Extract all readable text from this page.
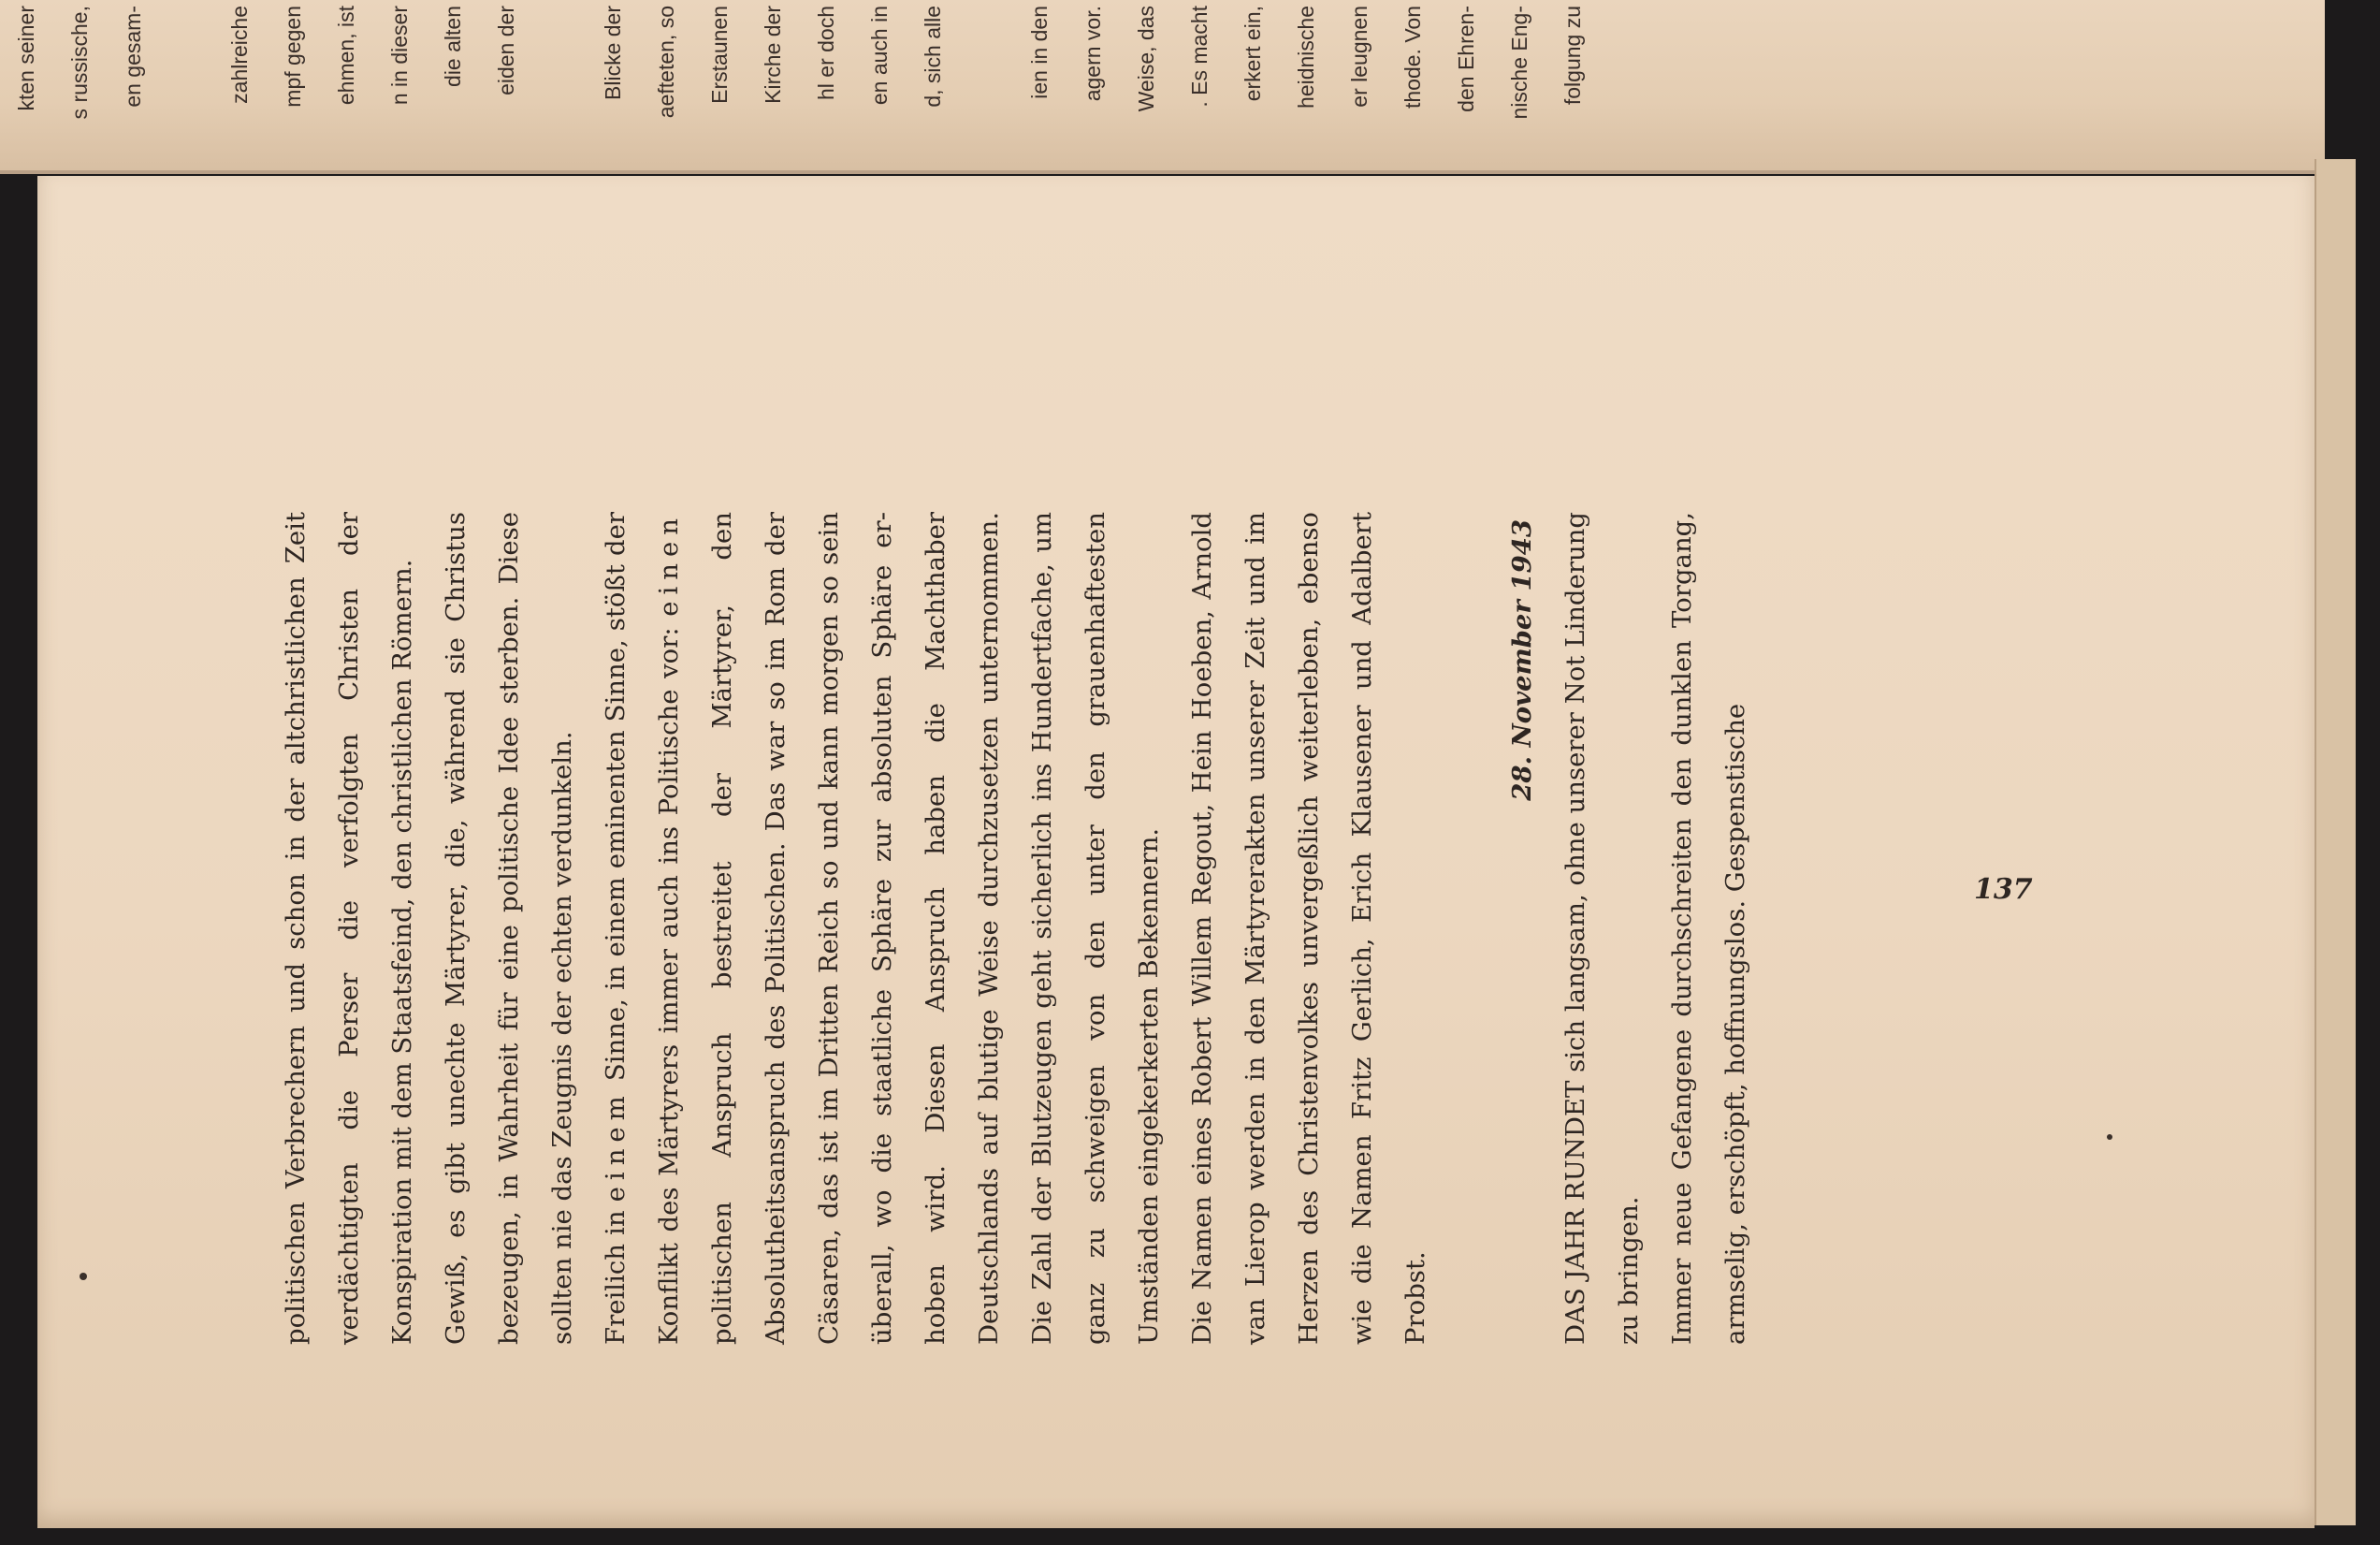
kten seiner	s russische,	en gesam-	zahlreiche	mpf gegen	ehmen, ist	n in dieser	die alten	eiden der	Blicke der	aefteten, so	Erstaunen	Kirche der	hl er doch	en auch in	d, sich alle	ien in den	agern vor.	Weise, das	. Es macht	erkert ein,	heidnische	er leugnen	thode. Von	den Ehren-	nische Eng-	folgung zu

politischen Verbrechern und schon in der altchristlichen Zeit verdächtigten die Perser die verfolgten Christen der Konspiration mit dem Staatsfeind, den christlichen Römern. Gewiß, es gibt unechte Märtyrer, die, während sie Christus bezeugen, in Wahrheit für eine politische Idee sterben. Diese sollten nie das Zeugnis der echten verdunkeln. Freilich in einem Sinne, in einem eminenten Sinne, stößt der Konflikt des Märtyrers immer auch ins Politische vor: einen politischen Anspruch bestreitet der Märtyrer, den Absolutheitsanspruch des Politischen. Das war so im Rom der Cäsaren, das ist im Dritten Reich so und kann morgen so sein überall, wo die staatliche Sphäre zur absoluten Sphäre erhoben wird. Diesen Anspruch haben die Machthaber Deutschlands auf blutige Weise durchzusetzen unternommen. Die Zahl der Blutzeugen geht sicherlich ins Hundertfache, um ganz zu schweigen von den unter den grauenhaftesten Umständen eingekerkerten Bekennern. Die Namen eines Robert Willem Regout, Hein Hoeben, Arnold van Lierop werden in den Märtyrerakten unserer Zeit und im Herzen des Christenvolkes unvergeßlich weiterleben, ebenso wie die Namen Fritz Gerlich, Erich Klausener und Adalbert Probst.

28. November 1943 DAS JAHR RUNDET sich langsam, ohne unserer Not Linderung zu bringen. Immer neue Gefangene durchschreiten den dunklen Torgang, armselig, erschöpft, hoffnungslos. Gespenstische	137
